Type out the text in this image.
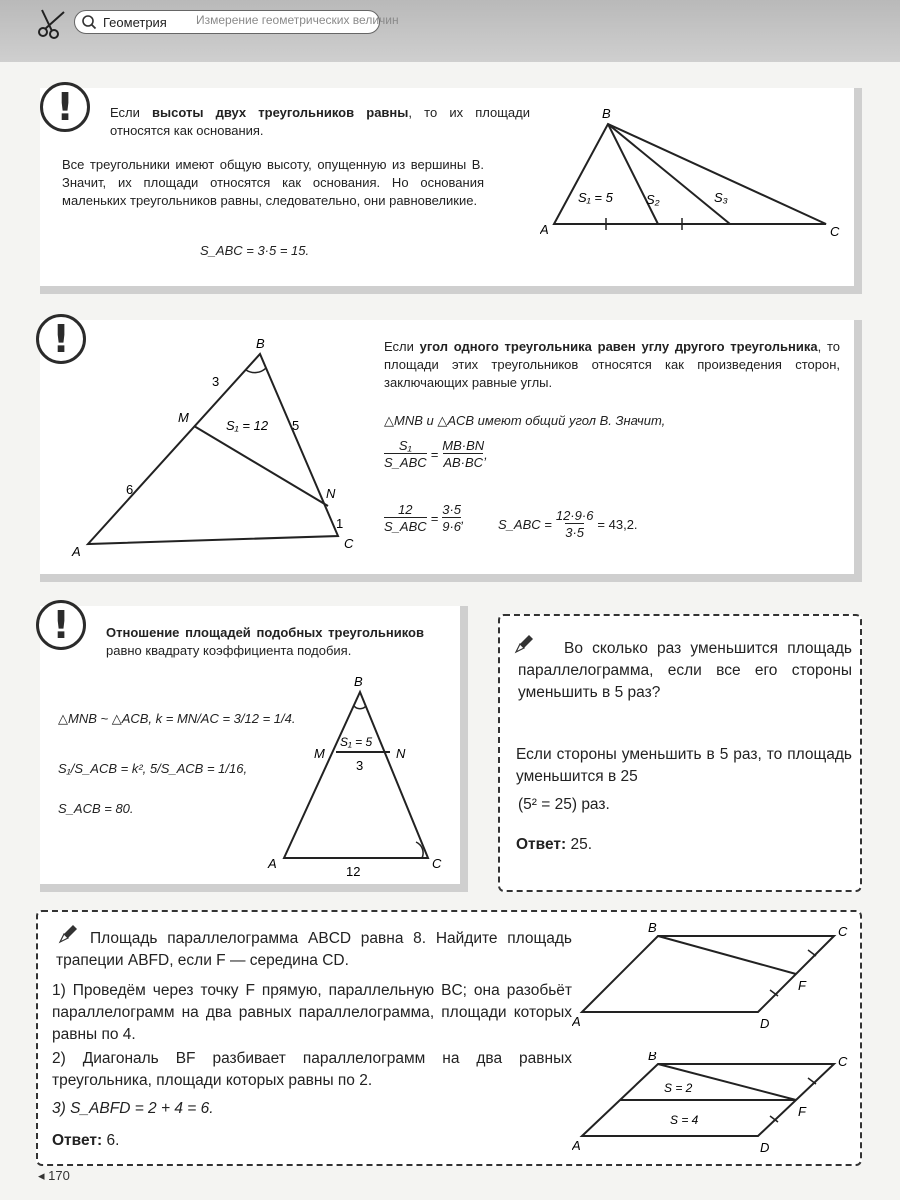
Геометрия Измерение геометрических величин
!	Если высоты двух треугольников равны, то их площади относятся как основания.
Все треугольники имеют общую высоту, опущенную из вершины B. Значит, их площади относятся как основания. Но основания маленьких треугольников равны, следовательно, они равновеликие.
S_ABC = 3·5 = 15.
A
B
C
S₁ = 5	S₂	S₃
!
A
B
C
M
N
S₁ = 12
3
5
6
1
Если угол одного треугольника равен углу другого треугольника, то площади этих треугольников относятся как произведения сторон, заключающих равные углы.
△MNB и △ACB имеют общий угол B. Значит,
S₁
S_ABC
= $\frac{MB\cdot BN}{AB\cdot BC}$ ,
12
S_ABC
= $\frac{3\cdot 5}{9\cdot 6}$ ,	S_ABC = $\frac{12\cdot 9\cdot 6}{3\cdot 5} = 43,2$.
!	Отношение площадей подобных треугольников равно квадрату коэффициента подобия.
△MNB ~ △ACB, k = MN/AC = 3/12 = 1/4.
S₁/S_ACB = k², 5/S_ACB = 1/16,
S_ACB = 80.
A
B
C
M	N
S₁ = 5
3
12
Во сколько раз уменьшится площадь параллелограмма, если все его стороны уменьшить в 5 раз?
Если стороны уменьшить в 5 раз, то площадь уменьшится в 25
(5² = 25) раз.
Ответ: 25.
Площадь параллелограмма ABCD равна 8. Найдите площадь трапеции ABFD, если F — середина CD.
1) Проведём через точку F прямую, параллельную BC; она разобьёт параллелограмм на два равных параллелограмма, площади которых равны по 4.
2) Диагональ BF разбивает параллелограмм на два равных треугольника, площади которых равны по 2.
3) S_ABFD = 2 + 4 = 6.
Ответ: 6.
A
B	C
D
F
A
B	C
D
F
S = 2
S = 4
◂ 170
